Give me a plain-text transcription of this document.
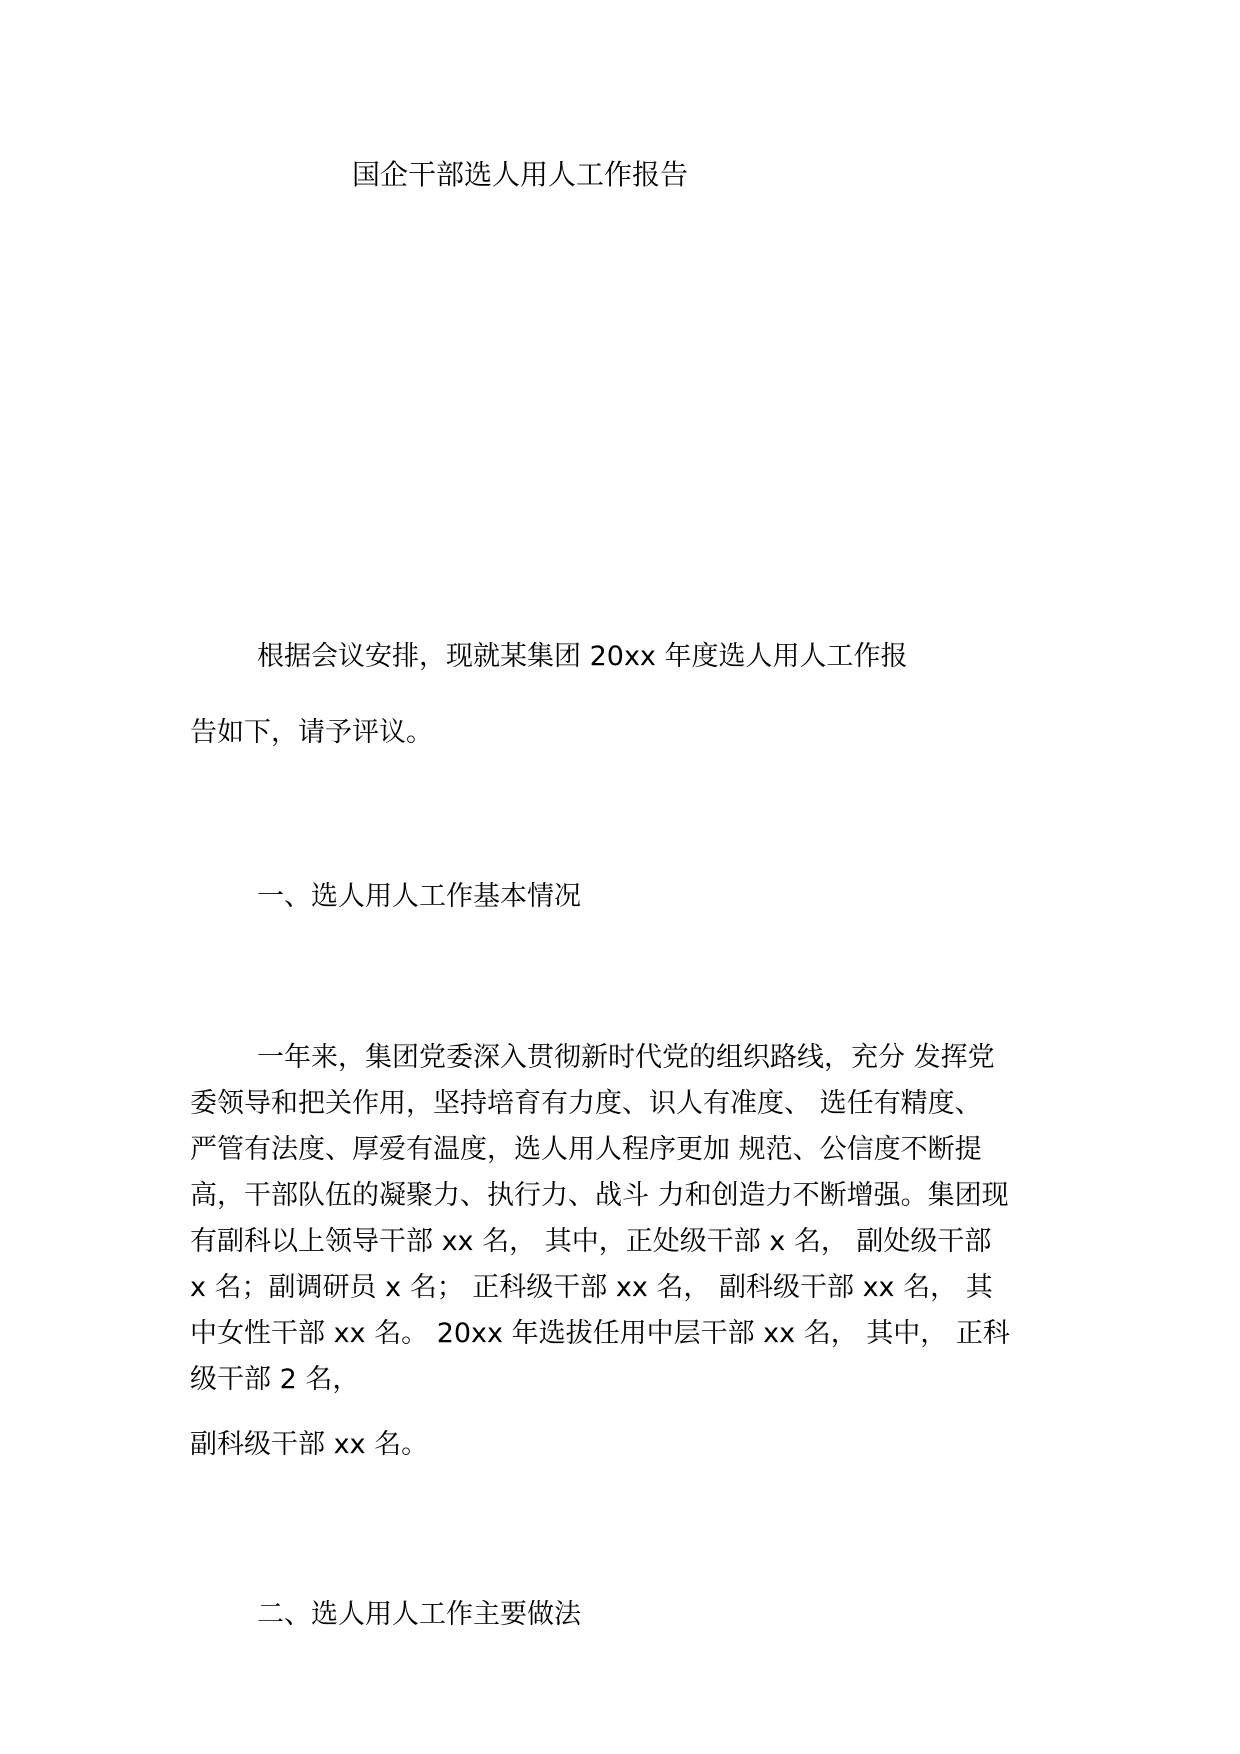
国企干部选人用人工作报告
根据会议安排，现就某集团 20xx 年度选人用人工作报
告如下，请予评议。
一、选人用人工作基本情况
一年来，集团党委深入贯彻新时代党的组织路线，充分 发挥党
委领导和把关作用，坚持培育有力度、识人有准度、 选任有精度、
严管有法度、厚爱有温度，选人用人程序更加 规范、公信度不断提
高，干部队伍的凝聚力、执行力、战斗 力和创造力不断增强。集团现
有副科以上领导干部 xx 名， 其中，正处级干部 x 名， 副处级干部
x 名；副调研员 x 名； 正科级干部 xx 名， 副科级干部 xx 名， 其
中女性干部 xx 名。 20xx 年选拔任用中层干部 xx 名， 其中， 正科
级干部 2 名，
副科级干部 xx 名。
二、选人用人工作主要做法
